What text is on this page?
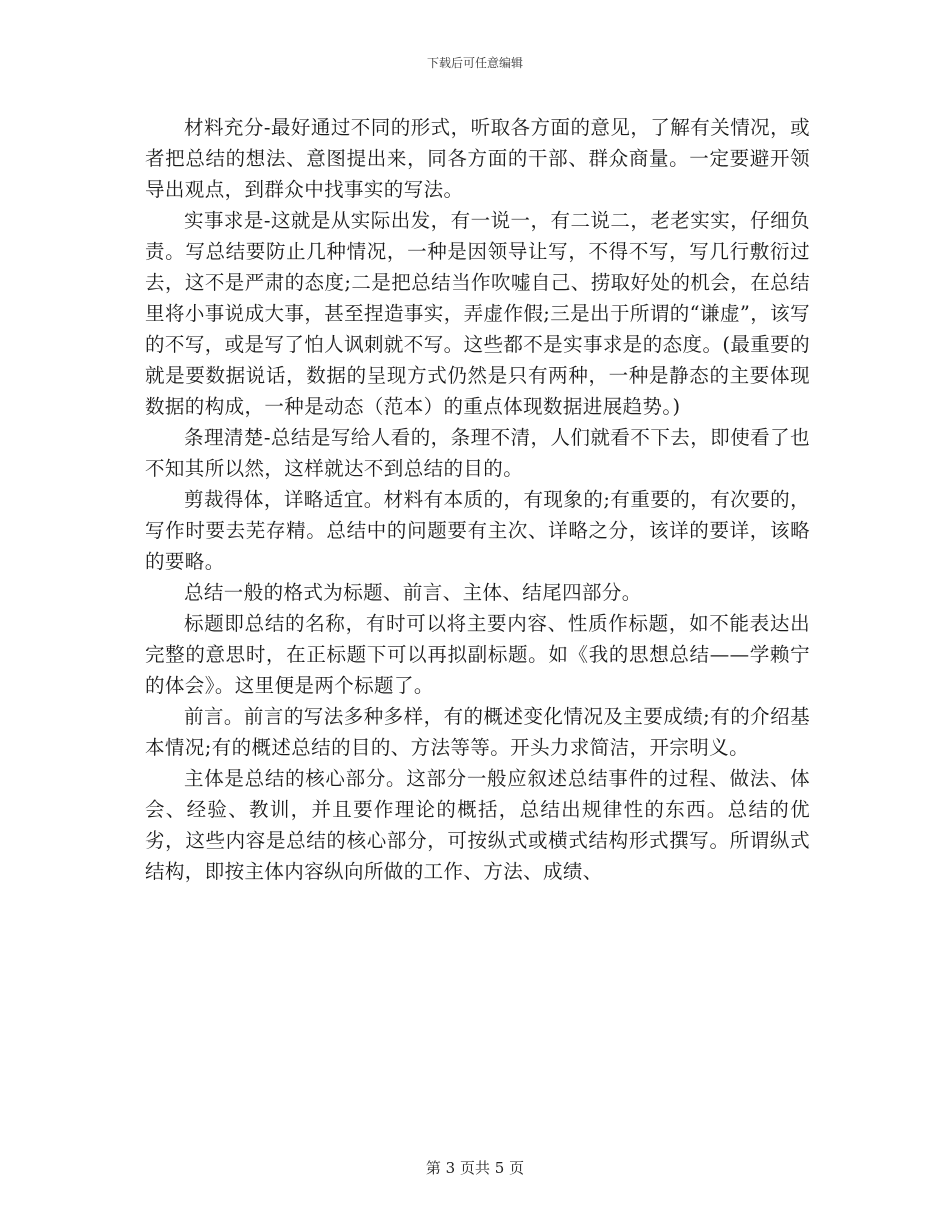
下载后可任意编辑

材料充分-最好通过不同的形式，听取各方面的意见，了解有关情况，或者把总结的想法、意图提出来，同各方面的干部、群众商量。一定要避开领导出观点，到群众中找事实的写法。

实事求是-这就是从实际出发，有一说一，有二说二，老老实实，仔细负责。写总结要防止几种情况，一种是因领导让写，不得不写，写几行敷衍过去，这不是严肃的态度;二是把总结当作吹嘘自己、捞取好处的机会，在总结里将小事说成大事，甚至捏造事实，弄虚作假;三是出于所谓的“谦虚”，该写的不写，或是写了怕人讽刺就不写。这些都不是实事求是的态度。(最重要的就是要数据说话，数据的呈现方式仍然是只有两种，一种是静态的主要体现数据的构成，一种是动态（范本）的重点体现数据进展趋势。)

条理清楚-总结是写给人看的，条理不清，人们就看不下去，即使看了也不知其所以然，这样就达不到总结的目的。

剪裁得体，详略适宜。材料有本质的，有现象的;有重要的，有次要的，写作时要去芜存精。总结中的问题要有主次、详略之分，该详的要详，该略的要略。

总结一般的格式为标题、前言、主体、结尾四部分。

标题即总结的名称，有时可以将主要内容、性质作标题，如不能表达出完整的意思时，在正标题下可以再拟副标题。如《我的思想总结——学赖宁的体会》。这里便是两个标题了。

前言。前言的写法多种多样，有的概述变化情况及主要成绩;有的介绍基本情况;有的概述总结的目的、方法等等。开头力求简洁，开宗明义。

主体是总结的核心部分。这部分一般应叙述总结事件的过程、做法、体会、经验、教训，并且要作理论的概括，总结出规律性的东西。总结的优劣，这些内容是总结的核心部分，可按纵式或横式结构形式撰写。所谓纵式结构，即按主体内容纵向所做的工作、方法、成绩、

第 3 页共 5 页
